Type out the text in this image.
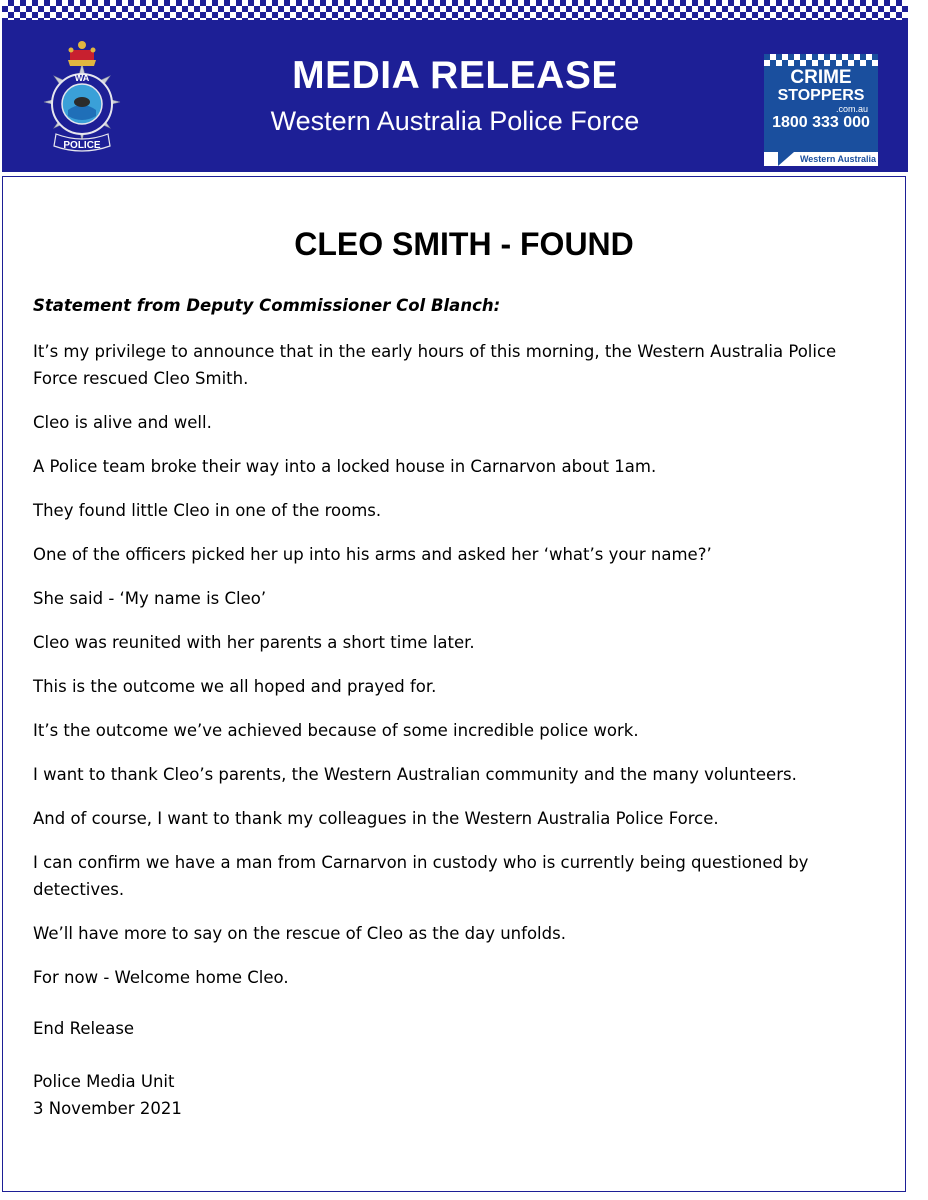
WA
POLICE
MEDIA RELEASE
Western Australia Police Force
CRIME
STOPPERS
.com.au
1800 333 000
Western Australia
CLEO SMITH - FOUND

Statement from Deputy Commissioner Col Blanch:

It’s my privilege to announce that in the early hours of this morning, the Western Australia Police Force rescued Cleo Smith.

Cleo is alive and well.

A Police team broke their way into a locked house in Carnarvon about 1am.

They found little Cleo in one of the rooms.

One of the officers picked her up into his arms and asked her ‘what’s your name?’

She said - ‘My name is Cleo’

Cleo was reunited with her parents a short time later.

This is the outcome we all hoped and prayed for.

It’s the outcome we’ve achieved because of some incredible police work.

I want to thank Cleo’s parents, the Western Australian community and the many volunteers.

And of course, I want to thank my colleagues in the Western Australia Police Force.

I can confirm we have a man from Carnarvon in custody who is currently being questioned by detectives.

We’ll have more to say on the rescue of Cleo as the day unfolds.

For now - Welcome home Cleo.

End Release

Police Media Unit

3 November 2021
